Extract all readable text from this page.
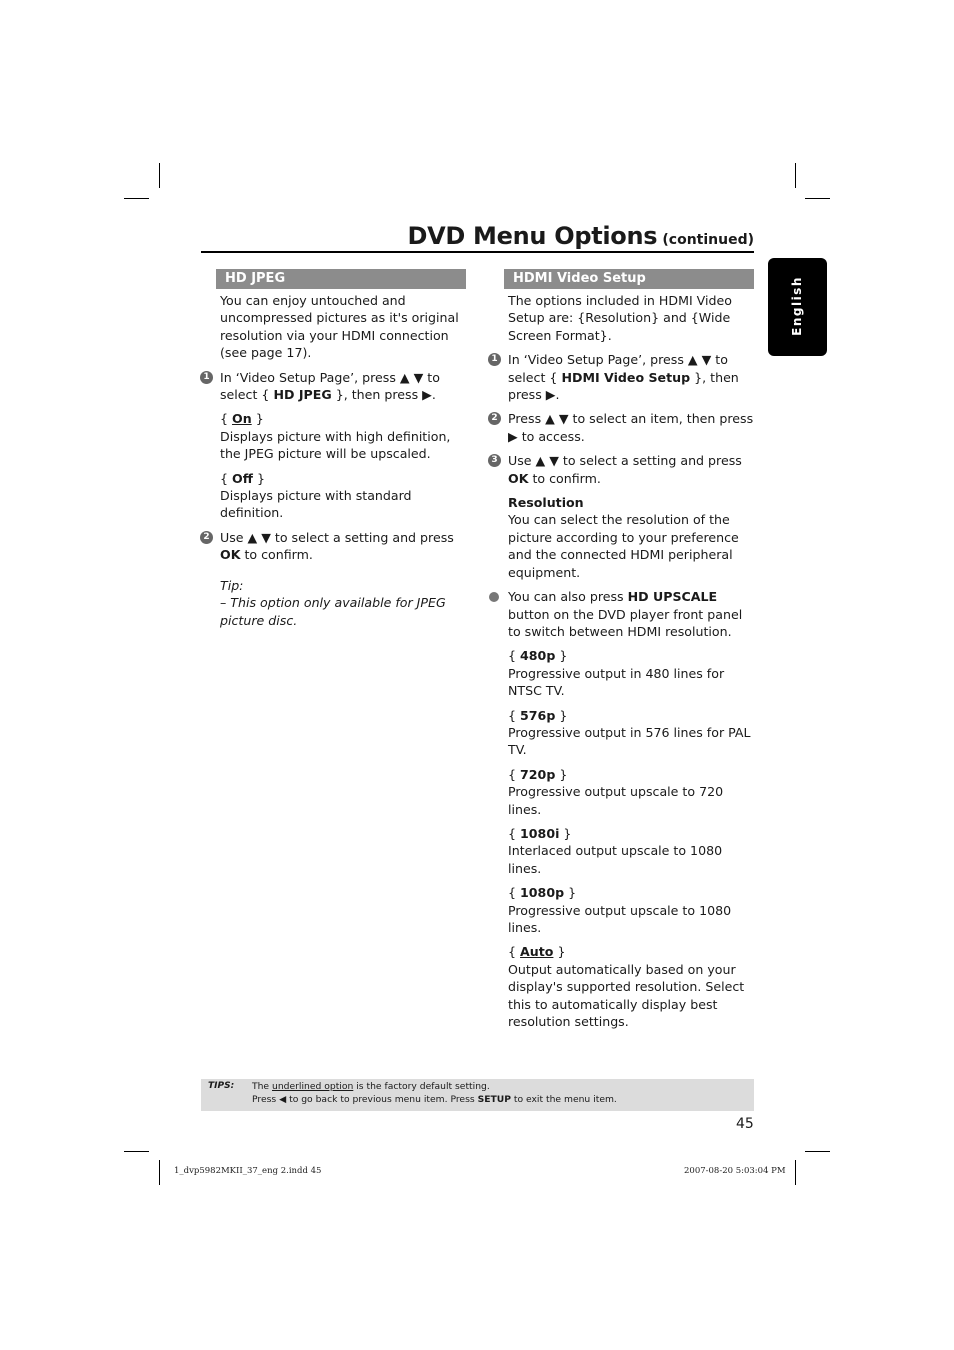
DVD Menu Options (continued)
English
HD JPEG

You can enjoy untouched and uncompressed pictures as it's original resolution via your HDMI connection (see page 17).

1 In ‘Video Setup Page’, press ▲ ▼ to select { HD JPEG }, then press ▶.

{ On }

Displays picture with high definition, the JPEG picture will be upscaled.

{ Off }

Displays picture with standard definition.

2 Use ▲ ▼ to select a setting and press OK to confirm.

Tip:

– This option only available for JPEG picture disc.

HDMI Video Setup

The options included in HDMI Video Setup are: {Resolution} and {Wide Screen Format}.

1 In ‘Video Setup Page’, press ▲ ▼ to select { HDMI Video Setup }, then press ▶.

2 Press ▲ ▼ to select an item, then press ▶ to access.

3 Use ▲ ▼ to select a setting and press OK to confirm.

Resolution

You can select the resolution of the picture according to your preference and the connected HDMI peripheral equipment.

You can also press HD UPSCALE button on the DVD player front panel to switch between HDMI resolution.

{ 480p }

Progressive output in 480 lines for NTSC TV.

{ 576p }

Progressive output in 576 lines for PAL TV.

{ 720p }

Progressive output upscale to 720 lines.

{ 1080i }

Interlaced output upscale to 1080 lines.

{ 1080p }

Progressive output upscale to 1080 lines.

{ Auto }

Output automatically based on your display's supported resolution. Select this to automatically display best resolution settings.

TIPS: The underlined option is the factory default setting.
Press ◀ to go back to previous menu item. Press SETUP to exit the menu item.
45
1_dvp5982MKII_37_eng 2.indd 45	2007-08-20 5:03:04 PM
